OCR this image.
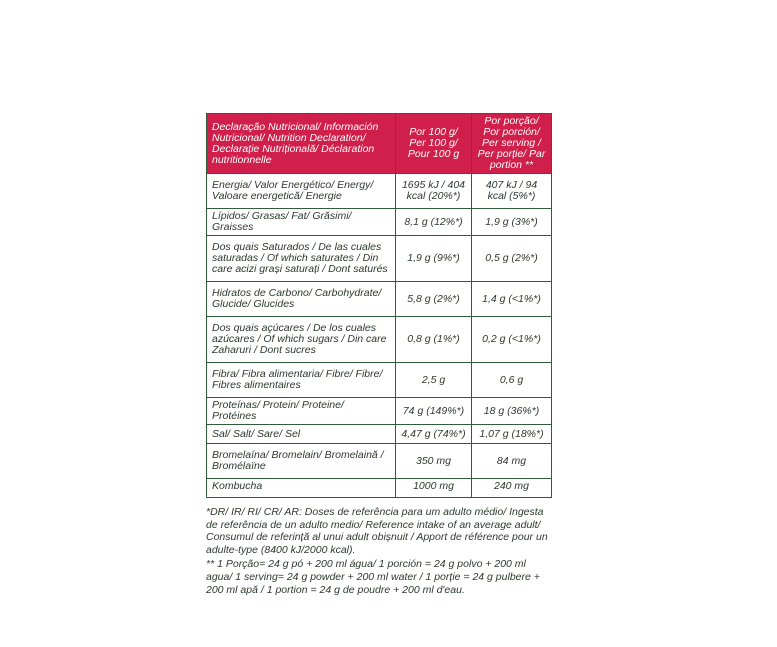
Declaração Nutricional/ Información Nutricional/ Nutrition Declaration/ Declarație Nutrițională/ Déclaration nutritionnelle	Por 100 g/ Per 100 g/ Pour 100 g	Por porção/ Por porción/ Per serving / Per porție/ Par portion **
Energia/ Valor Energético/ Energy/ Valoare energetică/ Energie	1695 kJ / 404 kcal (20%*)	407 kJ / 94 kcal (5%*)
Lípidos/ Grasas/ Fat/ Grăsimi/ Graisses	8,1 g (12%*)	1,9 g (3%*)
Dos quais Saturados / De las cuales saturadas / Of which saturates / Din care acizi grași saturați / Dont saturés	1,9 g (9%*)	0,5 g (2%*)
Hidratos de Carbono/ Carbohydrate/ Glucide/ Glucides	5,8 g (2%*)	1,4 g (<1%*)
Dos quais açúcares / De los cuales azúcares / Of which sugars / Din care Zaharuri / Dont sucres	0,8 g (1%*)	0,2 g (<1%*)
Fibra/ Fibra alimentaria/ Fibre/ Fibre/ Fibres alimentaires	2,5 g	0,6 g
Proteínas/ Protein/ Proteine/ Protéines	74 g (149%*)	18 g (36%*)
Sal/ Salt/ Sare/ Sel	4,47 g (74%*)	1,07 g (18%*)
Bromelaína/ Bromelain/ Bromelaină / Bromélaïne	350 mg	84 mg
Kombucha	1000 mg	240 mg

*DR/ IR/ RI/ CR/ AR: Doses de referência para um adulto médio/ Ingesta de referência de un adulto medio/ Reference intake of an average adult/ Consumul de referință al unui adult obișnuit / Apport de référence pour un adulte-type (8400 kJ/2000 kcal).

** 1 Porção= 24 g pó + 200 ml água/ 1 porción = 24 g polvo + 200 ml agua/ 1 serving= 24 g powder + 200 ml water / 1 porție = 24 g pulbere + 200 ml apă / 1 portion = 24 g de poudre + 200 ml d'eau.
